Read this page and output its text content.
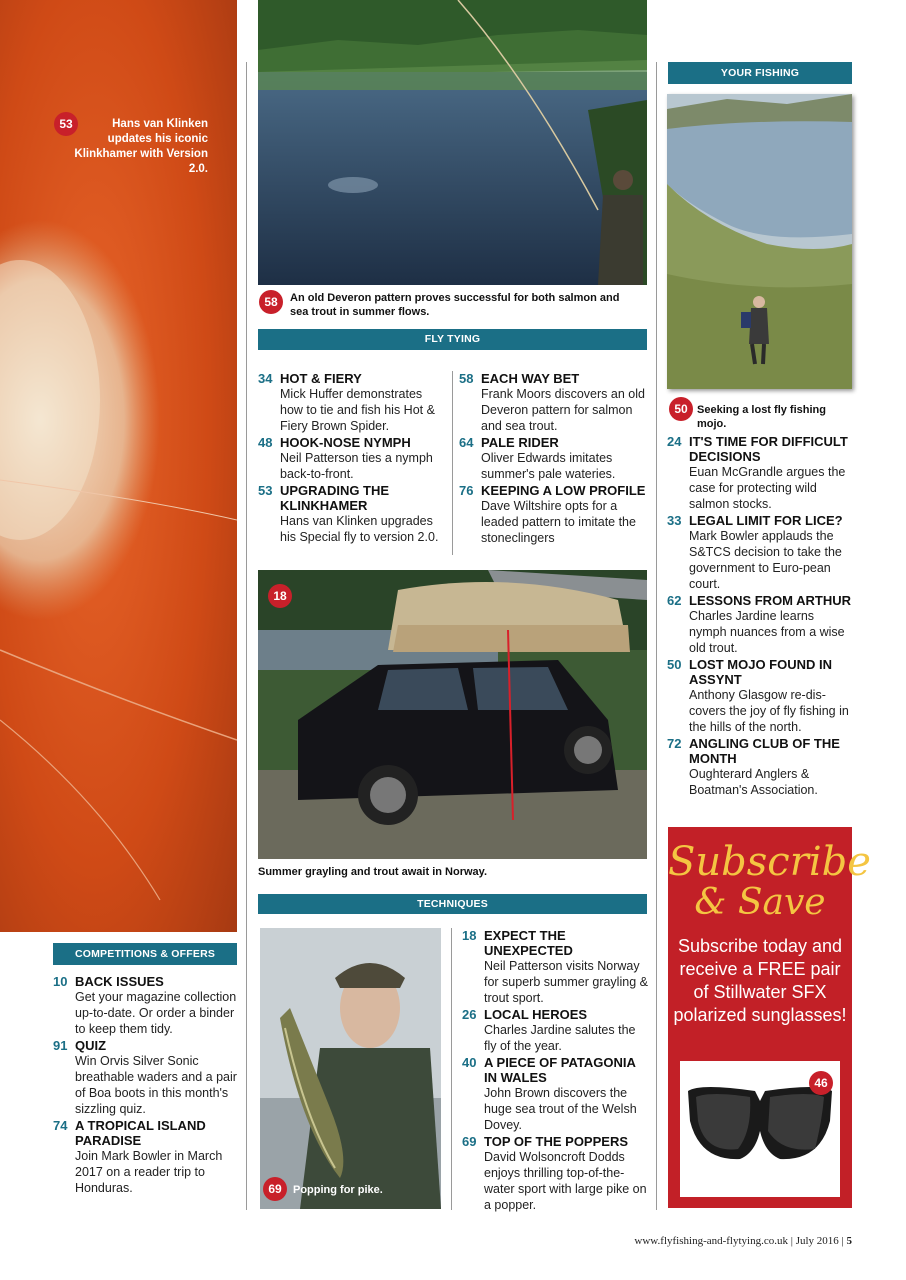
53	Hans van Klinken updates his iconic Klinkhamer with Version 2.0.
COMPETITIONS & OFFERS
10 BACK ISSUES
Get your magazine collection up-to-date. Or order a binder to keep them tidy.
91 QUIZ
Win Orvis Silver Sonic breathable waders and a pair of Boa boots in this month's sizzling quiz.
74 A TROPICAL ISLAND PARADISE
Join Mark Bowler in March 2017 on a reader trip to Honduras.
58	An old Deveron pattern proves successful for both salmon and sea trout in summer flows.
FLY TYING
34 HOT & FIERY
Mick Huffer demonstrates how to tie and fish his Hot & Fiery Brown Spider.
48 HOOK-NOSE NYMPH
Neil Patterson ties a nymph back-to-front.
53 UPGRADING THE KLINKHAMER
Hans van Klinken upgrades his Special fly to version 2.0.
58 EACH WAY BET
Frank Moors discovers an old Deveron pattern for salmon and sea trout.
64 PALE RIDER
Oliver Edwards imitates summer's pale wateries.
76 KEEPING A LOW PROFILE
Dave Wiltshire opts for a leaded pattern to imitate the stoneclingers
18
Summer grayling and trout await in Norway.
TECHNIQUES
69	Popping for pike.
18 EXPECT THE UNEXPECTED
Neil Patterson visits Norway for superb summer grayling & trout sport.
26 LOCAL HEROES
Charles Jardine salutes the fly of the year.
40 A PIECE OF PATAGONIA IN WALES
John Brown discovers the huge sea trout of the Welsh Dovey.
69 TOP OF THE POPPERS
David Wolsoncroft Dodds enjoys thrilling top-of-the-water sport with large pike on a popper.
YOUR FISHING
50 Seeking a lost fly fishing mojo.
24 IT'S TIME FOR DIFFICULT DECISIONS
Euan McGrandle argues the case for protecting wild salmon stocks.
33 LEGAL LIMIT FOR LICE?
Mark Bowler applauds the S&TCS decision to take the government to Euro-pean court.
62 LESSONS FROM ARTHUR
Charles Jardine learns nymph nuances from a wise old trout.
50 LOST MOJO FOUND IN ASSYNT
Anthony Glasgow re-dis-covers the joy of fly fishing in the hills of the north.
72 ANGLING CLUB OF THE MONTH
Oughterard Anglers & Boatman's Association.
Subscribe
& Save
Subscribe today and receive a FREE pair of Stillwater SFX polarized sunglasses!
46
www.flyfishing-and-flytying.co.uk | July 2016 | 5
